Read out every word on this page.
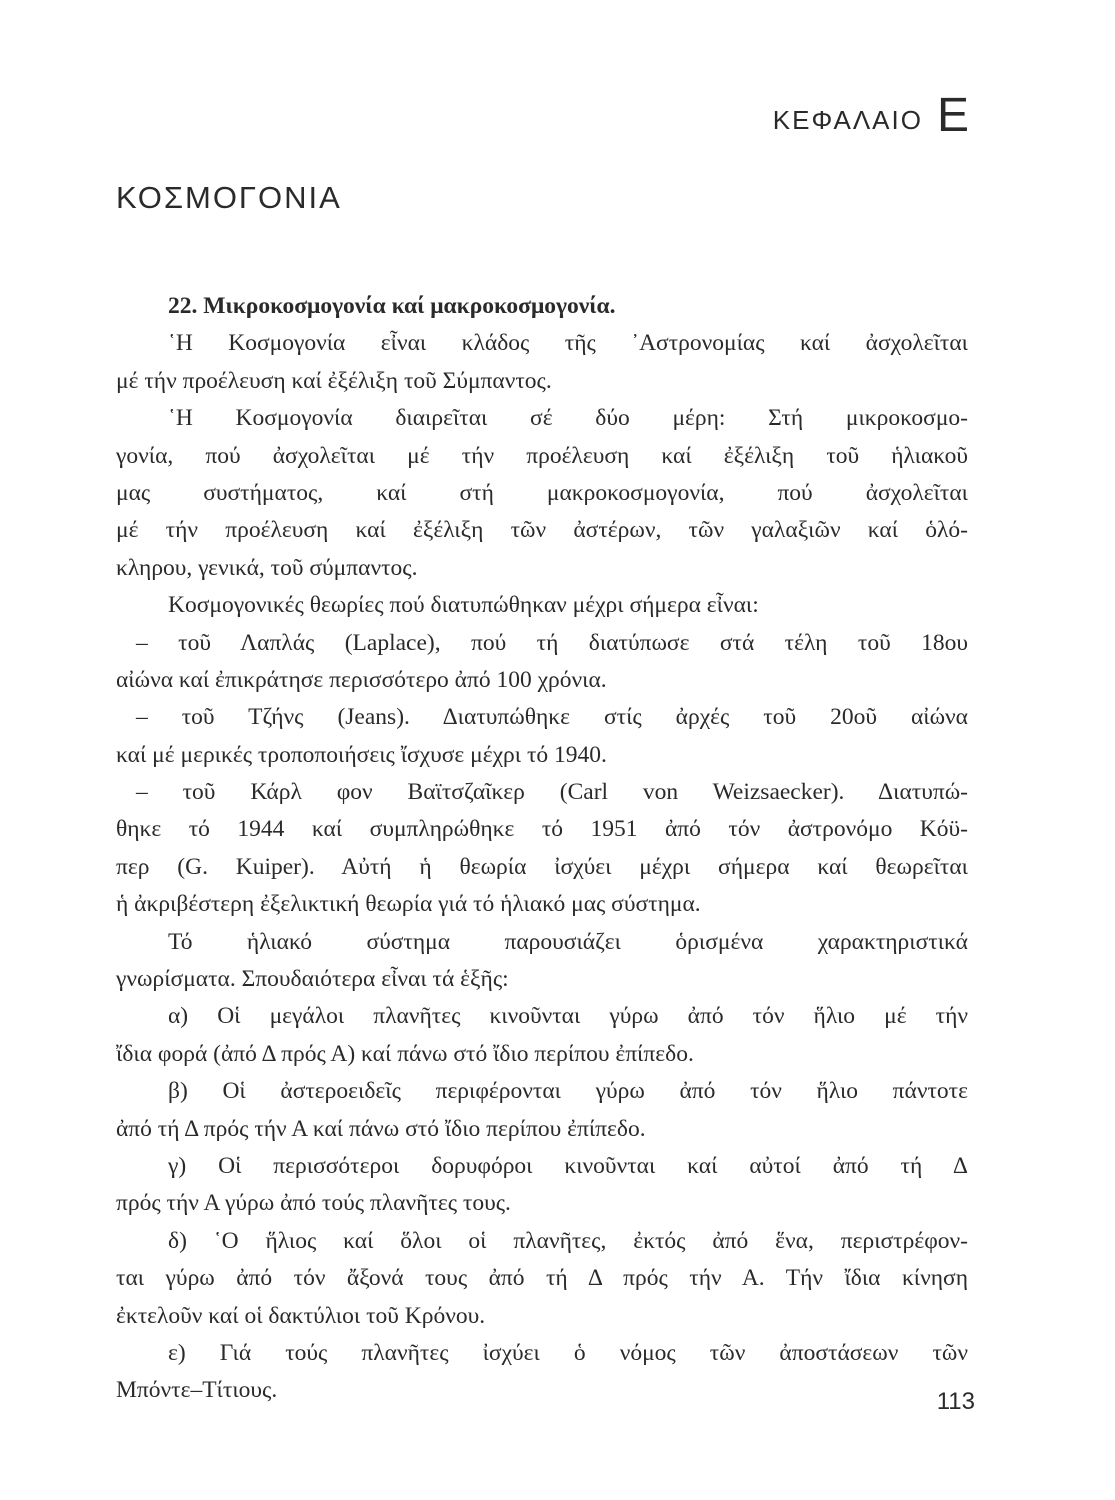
ΚΕΦΑΛΑΙΟ Ε
ΚΟΣΜΟΓΟΝΙΑ
22. Μικροκοσμογονία καί μακροκοσμογονία.
῾Η Κοσμογονία εἶναι κλάδος τῆς ᾿Αστρονομίας καί ἀσχολεῖται
μέ τήν προέλευση καί ἐξέλιξη τοῦ Σύμπαντος.
῾Η Κοσμογονία διαιρεῖται σέ δύο μέρη: Στή μικροκοσμο-
γονία, πού ἀσχολεῖται μέ τήν προέλευση καί ἐξέλιξη τοῦ ἡλιακοῦ
μας συστήματος, καί στή μακροκοσμογονία, πού ἀσχολεῖται
μέ τήν προέλευση καί ἐξέλιξη τῶν ἀστέρων, τῶν γαλαξιῶν καί ὁλό-
κληρου, γενικά, τοῦ σύμπαντος.
Κοσμογονικές θεωρίες πού διατυπώθηκαν μέχρι σήμερα εἶναι:
– τοῦ Λαπλάς (Laplace), πού τή διατύπωσε στά τέλη τοῦ 18ου
αἰώνα καί ἐπικράτησε περισσότερο ἀπό 100 χρόνια.
– τοῦ Τζήνς (Jeans). Διατυπώθηκε στίς ἀρχές τοῦ 20οῦ αἰώνα
καί μέ μερικές τροποποιήσεις ἴσχυσε μέχρι τό 1940.
– τοῦ Κάρλ φον Βαϊτσζαῖκερ (Carl von Weizsaecker). Διατυπώ-
θηκε τό 1944 καί συμπληρώθηκε τό 1951 ἀπό τόν ἀστρονόμο Κόϋ-
περ (G. Kuiper). Αὐτή ἡ θεωρία ἰσχύει μέχρι σήμερα καί θεωρεῖται
ἡ ἀκριβέστερη ἐξελικτική θεωρία γιά τό ἡλιακό μας σύστημα.
Τό ἡλιακό σύστημα παρουσιάζει ὁρισμένα χαρακτηριστικά
γνωρίσματα. Σπουδαιότερα εἶναι τά ἑξῆς:
α) Οἱ μεγάλοι πλανῆτες κινοῦνται γύρω ἀπό τόν ἥλιο μέ τήν
ἴδια φορά (ἀπό Δ πρός Α) καί πάνω στό ἴδιο περίπου ἐπίπεδο.
β) Οἱ ἀστεροειδεῖς περιφέρονται γύρω ἀπό τόν ἥλιο πάντοτε
ἀπό τή Δ πρός τήν Α καί πάνω στό ἴδιο περίπου ἐπίπεδο.
γ) Οἱ περισσότεροι δορυφόροι κινοῦνται καί αὐτοί ἀπό τή Δ
πρός τήν Α γύρω ἀπό τούς πλανῆτες τους.
δ) ῾Ο ἥλιος καί ὅλοι οἱ πλανῆτες, ἐκτός ἀπό ἕνα, περιστρέφον-
ται γύρω ἀπό τόν ἄξονά τους ἀπό τή Δ πρός τήν Α. Τήν ἴδια κίνηση
ἐκτελοῦν καί οἱ δακτύλιοι τοῦ Κρόνου.
ε) Γιά τούς πλανῆτες ἰσχύει ὁ νόμος τῶν ἀποστάσεων τῶν
Μπόντε–Τίτιους.	113
